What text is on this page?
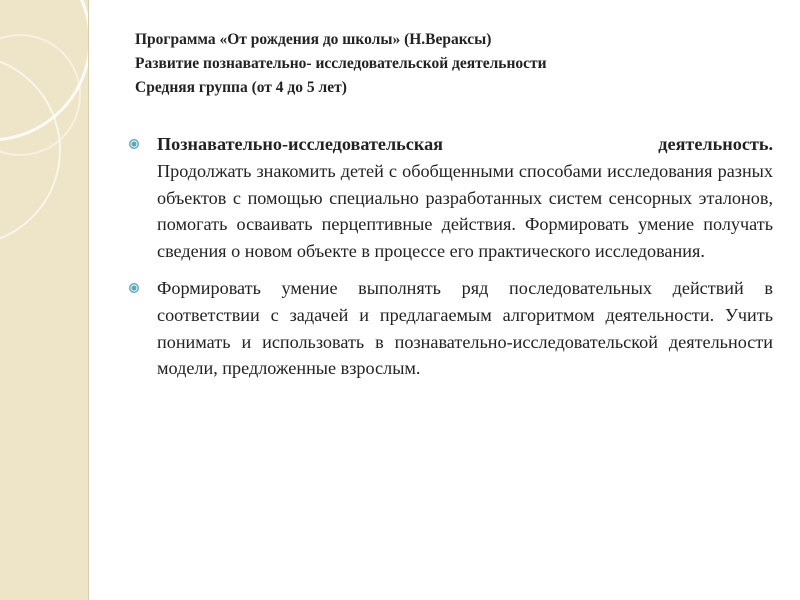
Программа «От рождения до школы» (Н.Вераксы)
Развитие познавательно- исследовательской деятельности
Средняя группа (от 4 до 5 лет)
Познавательно-исследовательская деятельность.
Продолжать знакомить детей с обобщенными способами исследования разных объектов с помощью специально разработанных систем сенсорных эталонов, помогать осваивать перцептивные действия. Формировать умение получать сведения о новом объекте в процессе его практического исследования.
Формировать умение выполнять ряд последовательных действий в соответствии с задачей и предлагаемым алгоритмом деятельности. Учить понимать и использовать в познавательно-исследовательской деятельности модели, предложенные взрослым.
